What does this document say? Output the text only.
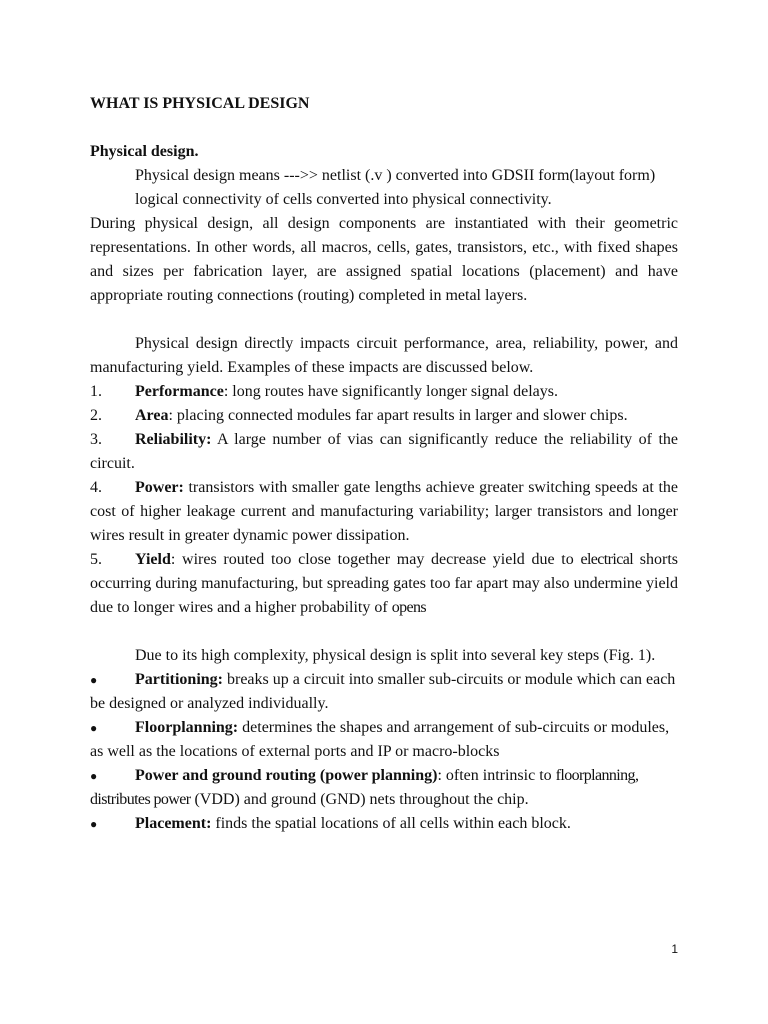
WHAT IS PHYSICAL DESIGN

Physical design.

Physical design means --->> netlist (.v ) converted into GDSII form(layout form)

logical connectivity of cells converted into physical connectivity.

During physical design, all design components are instantiated with their geometric representations. In other words, all macros, cells, gates, transistors, etc., with fixed shapes and sizes per fabrication layer, are assigned spatial locations (placement) and have appropriate routing connections (routing) completed in metal layers.

Physical design directly impacts circuit performance, area, reliability, power, and manufacturing yield. Examples of these impacts are discussed below.

1. Performance: long routes have significantly longer signal delays.

2. Area: placing connected modules far apart results in larger and slower chips.

3. Reliability: A large number of vias can significantly reduce the reliability of the circuit.

4. Power: transistors with smaller gate lengths achieve greater switching speeds at the cost of higher leakage current and manufacturing variability; larger transistors and longer wires result in greater dynamic power dissipation.

5. Yield: wires routed too close together may decrease yield due to electrical shorts occurring during manufacturing, but spreading gates too far apart may also undermine yield due to longer wires and a higher probability of opens

Due to its high complexity, physical design is split into several key steps (Fig. 1).

● Partitioning: breaks up a circuit into smaller sub-circuits or module which can each be designed or analyzed individually.

● Floorplanning: determines the shapes and arrangement of sub-circuits or modules, as well as the locations of external ports and IP or macro-blocks

● Power and ground routing (power planning): often intrinsic to floorplanning, distributes power (VDD) and ground (GND) nets throughout the chip.

● Placement: finds the spatial locations of all cells within each block.

1
